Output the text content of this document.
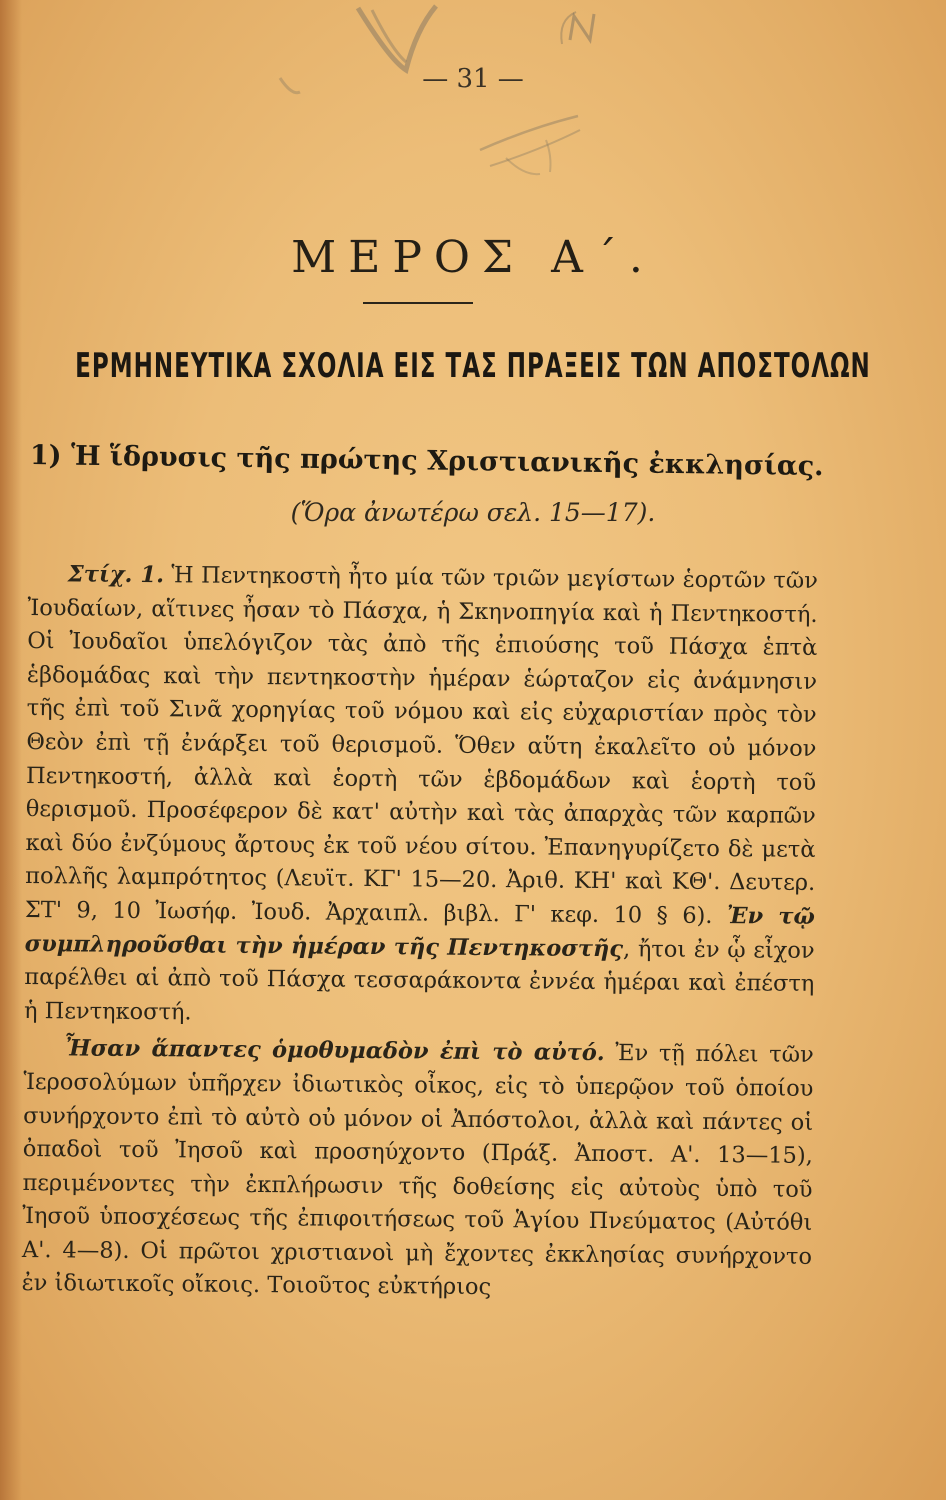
— 31 —
ΜΕΡΟΣ Α΄.
ΕΡΜΗΝΕΥΤΙΚΑ ΣΧΟΛΙΑ ΕΙΣ ΤΑΣ ΠΡΑΞΕΙΣ ΤΩΝ ΑΠΟΣΤΟΛΩΝ
1) Ἡ ἵδρυσις τῆς πρώτης Χριστιανικῆς ἐκκλησίας.
(Ὅρα ἀνωτέρω σελ. 15—17).

Στίχ. 1. Ἡ Πεντηκοστὴ ἦτο μία τῶν τριῶν μεγίστων ἑορτῶν τῶν Ἰουδαίων, αἵτινες ἦσαν τὸ Πάσχα, ἡ Σκηνοπηγία καὶ ἡ Πεντηκοστή. Οἱ Ἰουδαῖοι ὑπελόγιζον τὰς ἀπὸ τῆς ἐπιούσης τοῦ Πάσχα ἑπτὰ ἑβδομάδας καὶ τὴν πεντηκοστὴν ἡμέραν ἑώρταζον εἰς ἀνάμνησιν τῆς ἐπὶ τοῦ Σινᾶ χορηγίας τοῦ νόμου καὶ εἰς εὐχαριστίαν πρὸς τὸν Θεὸν ἐπὶ τῇ ἐνάρξει τοῦ θερισμοῦ. Ὅθεν αὕτη ἐκαλεῖτο οὐ μόνον Πεντηκοστή, ἀλλὰ καὶ ἑορτὴ τῶν ἑβδομάδων καὶ ἑορτὴ τοῦ θερισμοῦ. Προσέφερον δὲ κατ' αὐτὴν καὶ τὰς ἀπαρχὰς τῶν καρπῶν καὶ δύο ἐνζύμους ἄρτους ἐκ τοῦ νέου σίτου. Ἐπανηγυρίζετο δὲ μετὰ πολλῆς λαμπρότητος (Λευϊτ. ΚΓ' 15—20. Ἀριθ. ΚΗ' καὶ ΚΘ'. Δευτερ. ΣΤ' 9, 10 Ἰωσήφ. Ἰουδ. Ἀρχαιπλ. βιβλ. Γ' κεφ. 10 § 6). Ἐν τῷ συμπληροῦσθαι τὴν ἡμέραν τῆς Πεντηκοστῆς, ἤτοι ἐν ᾧ εἶχον παρέλθει αἱ ἀπὸ τοῦ Πάσχα τεσσαράκοντα ἐννέα ἡμέραι καὶ ἐπέστη ἡ Πεντηκοστή.

Ἦσαν ἅπαντες ὁμοθυμαδὸν ἐπὶ τὸ αὐτό. Ἐν τῇ πόλει τῶν Ἱεροσολύμων ὑπῆρχεν ἰδιωτικὸς οἶκος, εἰς τὸ ὑπερῷον τοῦ ὁποίου συνήρχοντο ἐπὶ τὸ αὐτὸ οὐ μόνον οἱ Ἀπόστολοι, ἀλλὰ καὶ πάντες οἱ ὀπαδοὶ τοῦ Ἰησοῦ καὶ προσηύχοντο (Πράξ. Ἀποστ. Α'. 13—15), περιμένοντες τὴν ἐκπλήρωσιν τῆς δοθείσης εἰς αὐτοὺς ὑπὸ τοῦ Ἰησοῦ ὑποσχέσεως τῆς ἐπιφοιτήσεως τοῦ Ἁγίου Πνεύματος (Αὐτόθι Α'. 4—8). Οἱ πρῶτοι χριστιανοὶ μὴ ἔχοντες ἐκκλησίας συνήρχοντο ἐν ἰδιωτικοῖς οἴκοις. Τοιοῦτος εὐκτήριος
